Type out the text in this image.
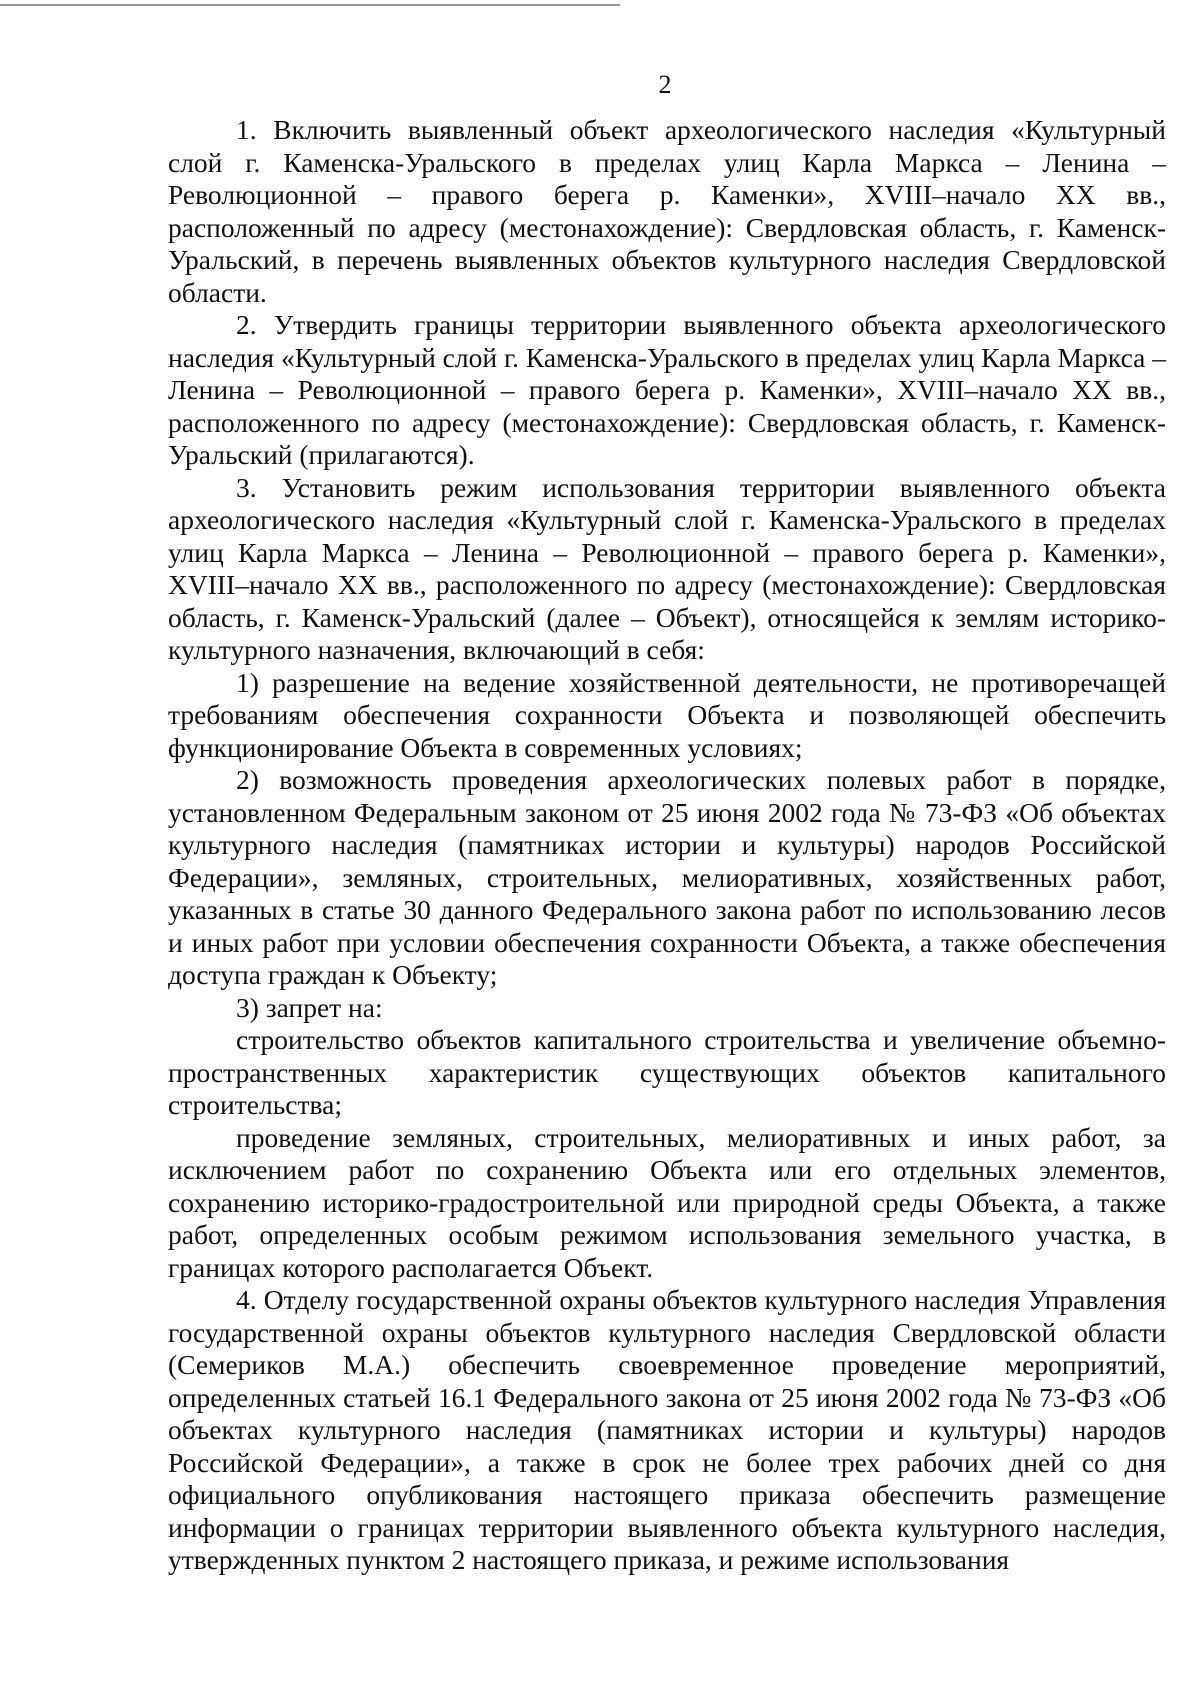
2

1. Включить выявленный объект археологического наследия «Культурный слой г. Каменска-Уральского в пределах улиц Карла Маркса – Ленина – Революционной – правого берега р. Каменки», XVIII–начало XX вв., расположенный по адресу (местонахождение): Свердловская область, г. Каменск-Уральский, в перечень выявленных объектов культурного наследия Свердловской области.

2. Утвердить границы территории выявленного объекта археологического наследия «Культурный слой г. Каменска-Уральского в пределах улиц Карла Маркса – Ленина – Революционной – правого берега р. Каменки», XVIII–начало XX вв., расположенного по адресу (местонахождение): Свердловская область, г. Каменск-Уральский (прилагаются).

3. Установить режим использования территории выявленного объекта археологического наследия «Культурный слой г. Каменска-Уральского в пределах улиц Карла Маркса – Ленина – Революционной – правого берега р. Каменки», XVIII–начало XX вв., расположенного по адресу (местонахождение): Свердловская область, г. Каменск-Уральский (далее – Объект), относящейся к землям историко-культурного назначения, включающий в себя:

1) разрешение на ведение хозяйственной деятельности, не противоречащей требованиям обеспечения сохранности Объекта и позволяющей обеспечить функционирование Объекта в современных условиях;

2) возможность проведения археологических полевых работ в порядке, установленном Федеральным законом от 25 июня 2002 года № 73-ФЗ «Об объектах культурного наследия (памятниках истории и культуры) народов Российской Федерации», земляных, строительных, мелиоративных, хозяйственных работ, указанных в статье 30 данного Федерального закона работ по использованию лесов и иных работ при условии обеспечения сохранности Объекта, а также обеспечения доступа граждан к Объекту;

3) запрет на:

строительство объектов капитального строительства и увеличение объемно-пространственных характеристик существующих объектов капитального строительства;

проведение земляных, строительных, мелиоративных и иных работ, за исключением работ по сохранению Объекта или его отдельных элементов, сохранению историко-градостроительной или природной среды Объекта, а также работ, определенных особым режимом использования земельного участка, в границах которого располагается Объект.

4. Отделу государственной охраны объектов культурного наследия Управления государственной охраны объектов культурного наследия Свердловской области (Семериков М.А.) обеспечить своевременное проведение мероприятий, определенных статьей 16.1 Федерального закона от 25 июня 2002 года № 73-ФЗ «Об объектах культурного наследия (памятниках истории и культуры) народов Российской Федерации», а также в срок не более трех рабочих дней со дня официального опубликования настоящего приказа обеспечить размещение информации о границах территории выявленного объекта культурного наследия, утвержденных пунктом 2 настоящего приказа, и режиме использования
